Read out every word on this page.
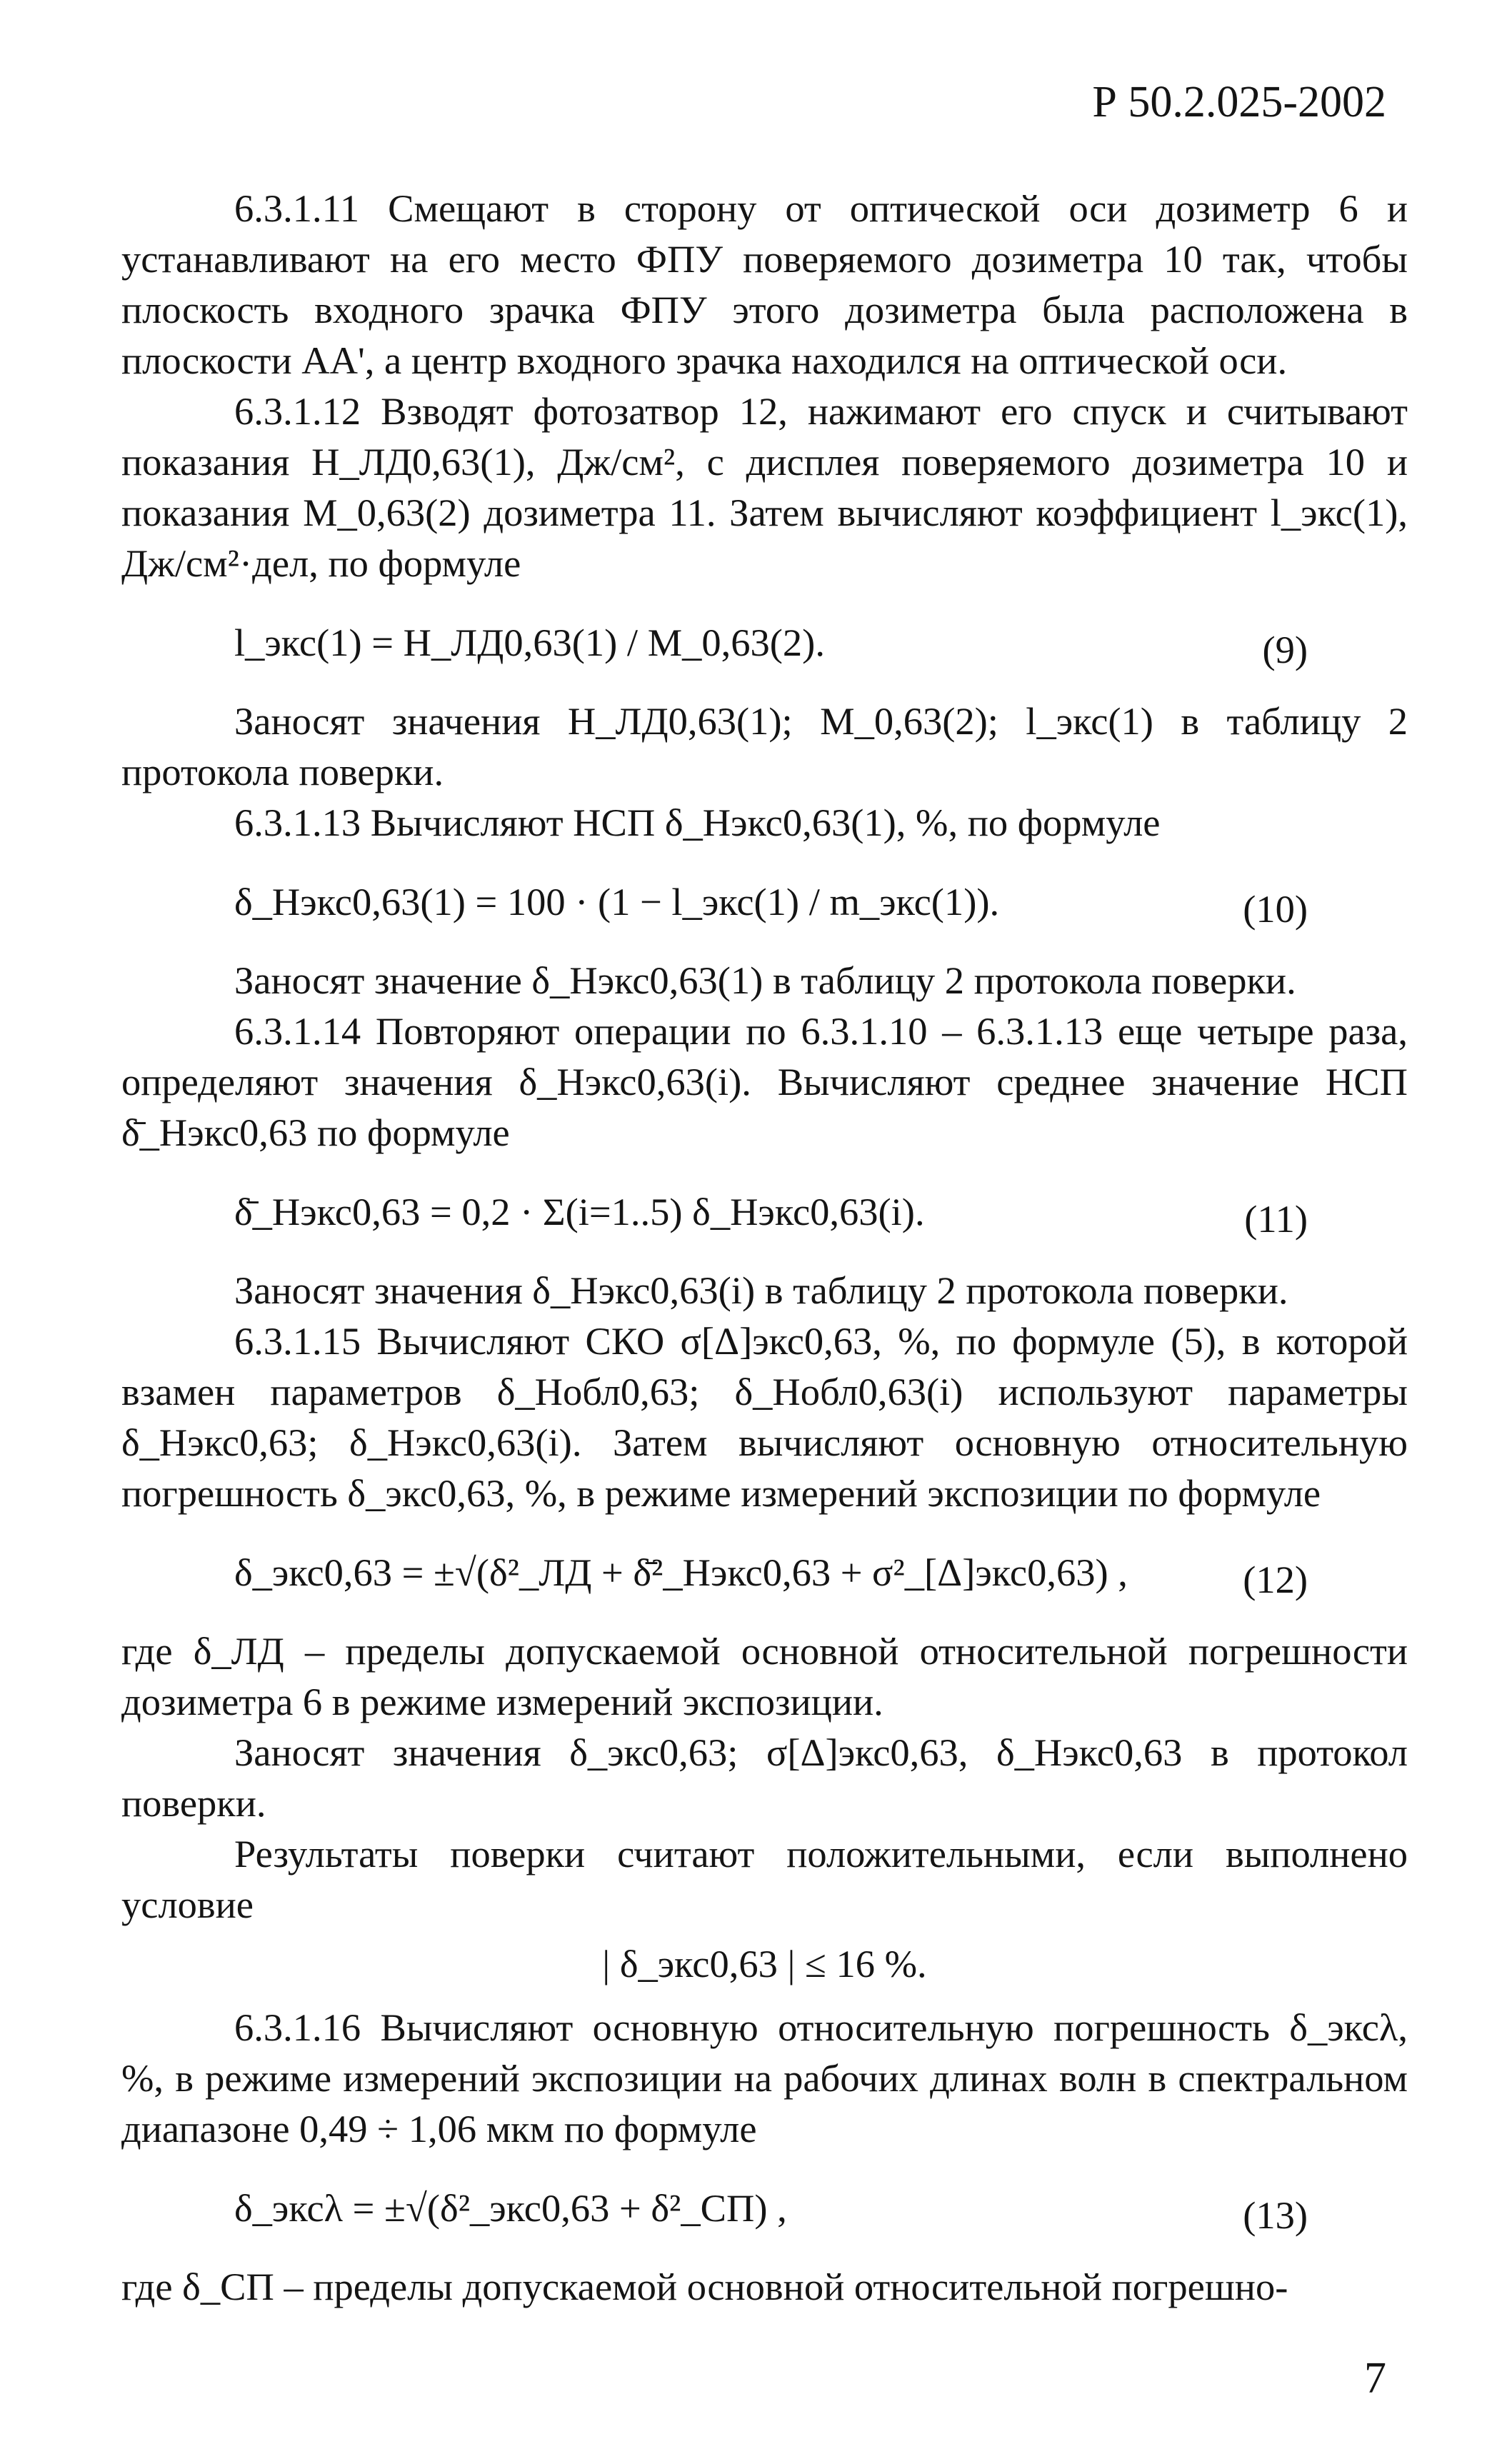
Р 50.2.025-2002

6.3.1.11 Смещают в сторону от оптической оси дозиметр 6 и устанавливают на его место ФПУ поверяемого дозиметра 10 так, чтобы плоскость входного зрачка ФПУ этого дозиметра была расположена в плоскости АА', а центр входного зрачка находился на оптической оси.

6.3.1.12 Взводят фотозатвор 12, нажимают его спуск и считывают показания H_ЛД0,63(1), Дж/см², с дисплея поверяемого дозиметра 10 и показания M_0,63(2) дозиметра 11. Затем вычисляют коэффициент l_экс(1), Дж/см²·дел, по формуле

l_экс(1) = H_ЛД0,63(1) / M_0,63(2).	(9)

Заносят значения H_ЛД0,63(1); M_0,63(2); l_экс(1) в таблицу 2 протокола поверки.

6.3.1.13 Вычисляют НСП δ_Hэкс0,63(1), %, по формуле

δ_Hэкс0,63(1) = 100 · (1 − l_экс(1) / m_экс(1)).	(10)

Заносят значение δ_Hэкс0,63(1) в таблицу 2 протокола поверки.

6.3.1.14 Повторяют операции по 6.3.1.10 – 6.3.1.13 еще четыре раза, определяют значения δ_Hэкс0,63(i). Вычисляют среднее значение НСП δ̄_Hэкс0,63 по формуле

δ̄_Hэкс0,63 = 0,2 · Σ(i=1..5) δ_Hэкс0,63(i).	(11)

Заносят значения δ_Hэкс0,63(i) в таблицу 2 протокола поверки.

6.3.1.15 Вычисляют СКО σ[Δ]экс0,63, %, по формуле (5), в которой взамен параметров δ_Hобл0,63; δ_Hобл0,63(i) используют параметры δ_Hэкс0,63; δ_Hэкс0,63(i). Затем вычисляют основную относительную погрешность δ_экс0,63, %, в режиме измерений экспозиции по формуле

δ_экс0,63 = ±√(δ²_ЛД + δ̄²_Hэкс0,63 + σ²_[Δ]экс0,63) ,	(12)

где δ_ЛД – пределы допускаемой основной относительной погрешности дозиметра 6 в режиме измерений экспозиции.

Заносят значения δ_экс0,63; σ[Δ]экс0,63, δ_Hэкс0,63 в протокол поверки.

Результаты поверки считают положительными, если выполнено условие

| δ_экс0,63 | ≤ 16 %.

6.3.1.16 Вычисляют основную относительную погрешность δ_эксλ, %, в режиме измерений экспозиции на рабочих длинах волн в спектральном диапазоне 0,49 ÷ 1,06 мкм по формуле

δ_эксλ = ±√(δ²_экс0,63 + δ²_СП) ,	(13)

где δ_СП – пределы допускаемой основной относительной погрешно-

7
